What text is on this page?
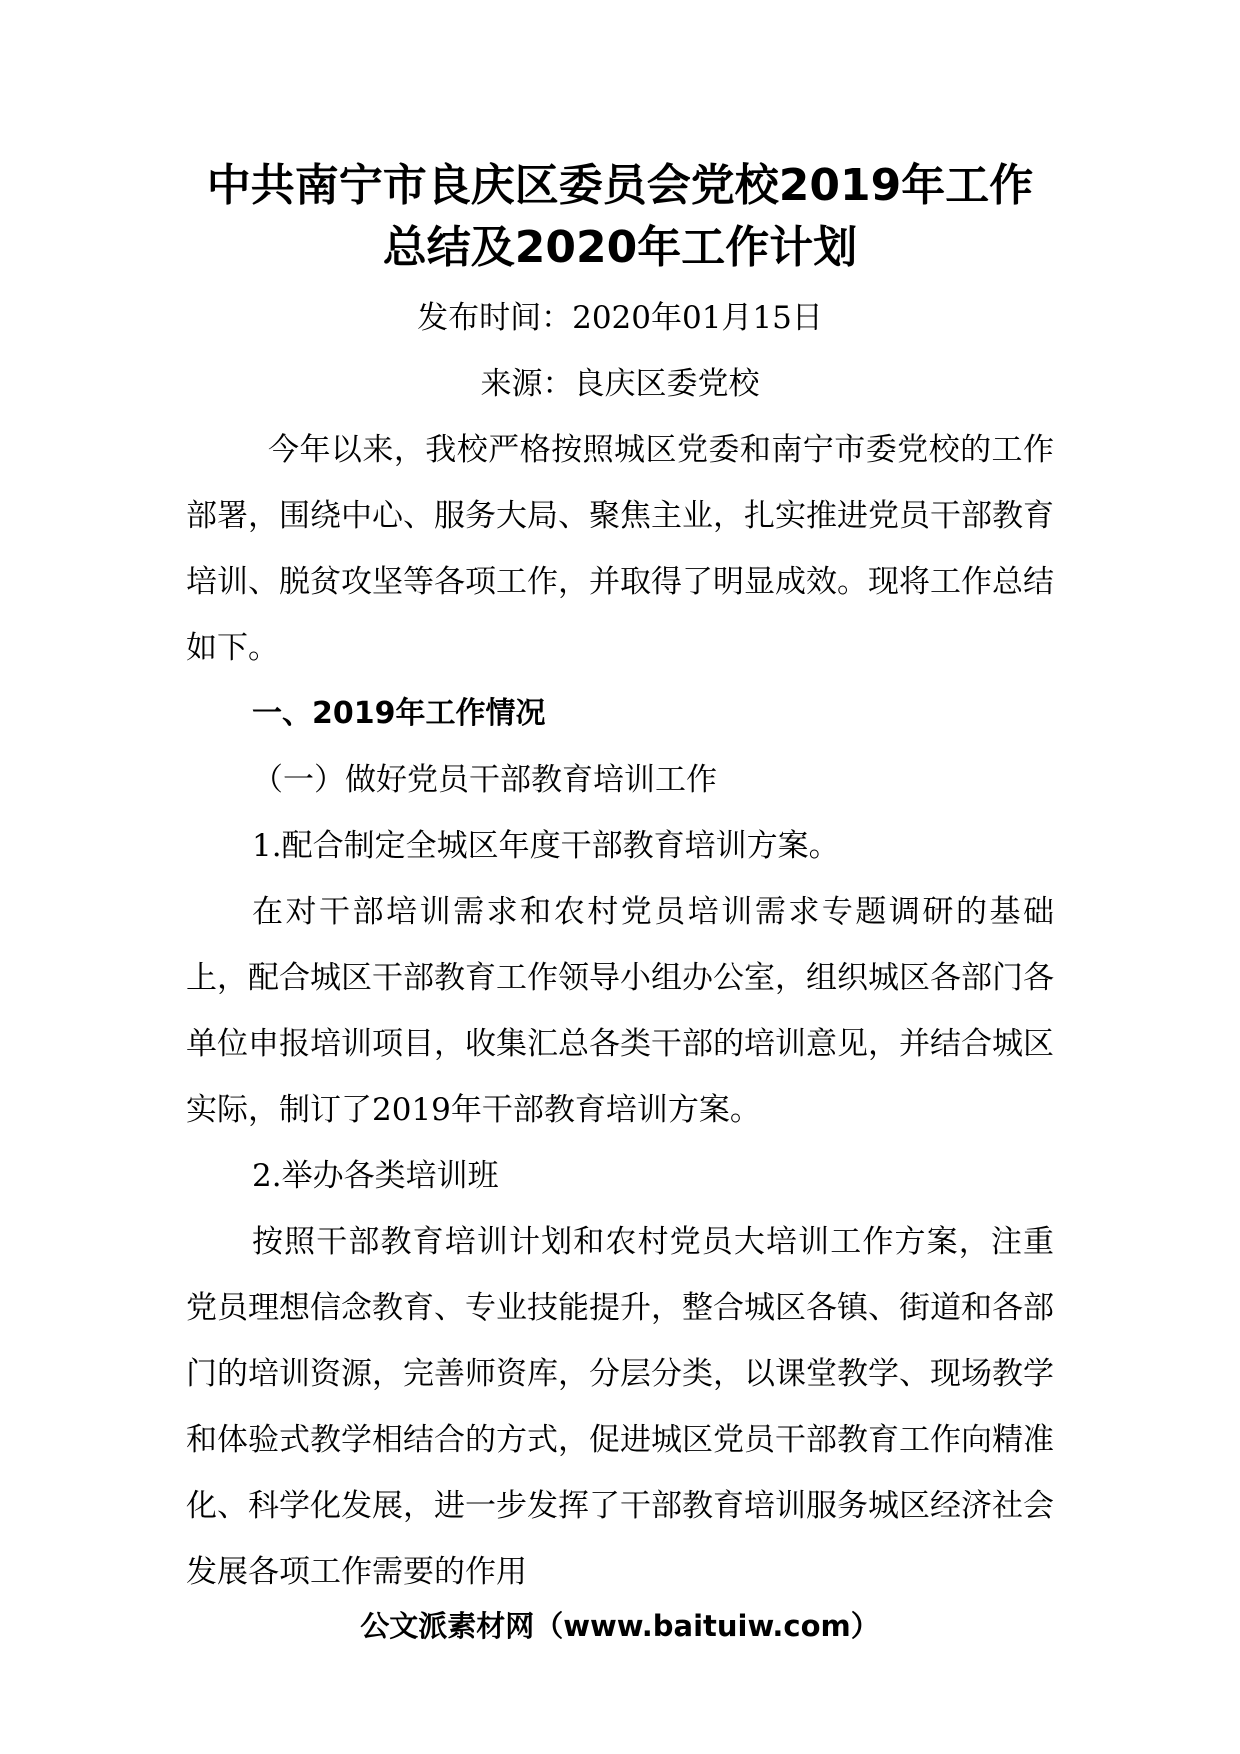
中共南宁市良庆区委员会党校2019年工作
总结及2020年工作计划

发布时间：2020年01月15日

来源：良庆区委党校

今年以来，我校严格按照城区党委和南宁市委党校的工作部署，围绕中心、服务大局、聚焦主业，扎实推进党员干部教育培训、脱贫攻坚等各项工作，并取得了明显成效。现将工作总结如下。

一、2019年工作情况

（一）做好党员干部教育培训工作

1.配合制定全城区年度干部教育培训方案。

在对干部培训需求和农村党员培训需求专题调研的基础上，配合城区干部教育工作领导小组办公室，组织城区各部门各单位申报培训项目，收集汇总各类干部的培训意见，并结合城区实际，制订了2019年干部教育培训方案。

2.举办各类培训班

按照干部教育培训计划和农村党员大培训工作方案，注重党员理想信念教育、专业技能提升，整合城区各镇、街道和各部门的培训资源，完善师资库，分层分类，以课堂教学、现场教学和体验式教学相结合的方式，促进城区党员干部教育工作向精准化、科学化发展，进一步发挥了干部教育培训服务城区经济社会发展各项工作需要的作用

公文派素材网（www.baituiw.com）
